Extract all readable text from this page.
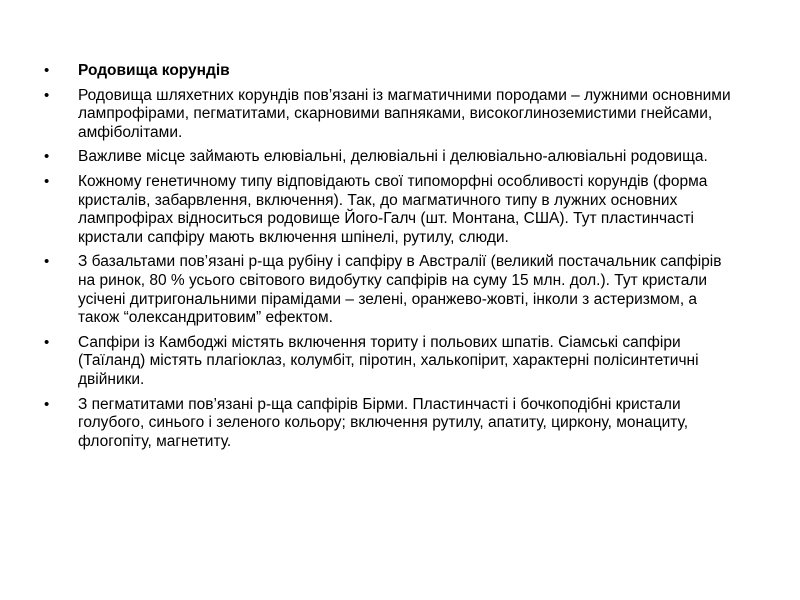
• Родовища корундів
• Родовища шляхетних корундів пов’язані із магматичними породами – лужними основними лампрофірами, пегматитами, скарновими вапняками, високоглиноземистими гнейсами, амфіболітами.
• Важливе місце займають елювіальні, делювіальні і делювіально-алювіальні родовища.
• Кожному генетичному типу відповідають свої типоморфні особливості корундів (форма кристалів, забарвлення, включення). Так, до магматичного типу в лужних основних лампрофірах відноситься родовище Його-Галч (шт. Монтана, США). Тут пластинчасті кристали сапфіру мають включення шпінелі, рутилу, слюди.
• З базальтами пов’язані р-ща рубіну і сапфіру в Австралії (великий постачальник сапфірів на ринок, 80 % усього світового видобутку сапфірів на суму 15 млн. дол.). Тут кристали усічені дитригональними пірамідами – зелені, оранжево-жовті, інколи з астеризмом, а також “олександритовим” ефектом.
• Сапфіри із Камбоджі містять включення ториту і польових шпатів. Сіамські сапфіри (Таїланд) містять плагіоклаз, колумбіт, піротин, халькопірит, характерні полісинтетичні двійники.
• З пегматитами пов’язані р-ща сапфірів Бірми. Пластинчасті і бочкоподібні кристали голубого, синього і зеленого кольору; включення рутилу, апатиту, циркону, монациту, флогопіту, магнетиту.
